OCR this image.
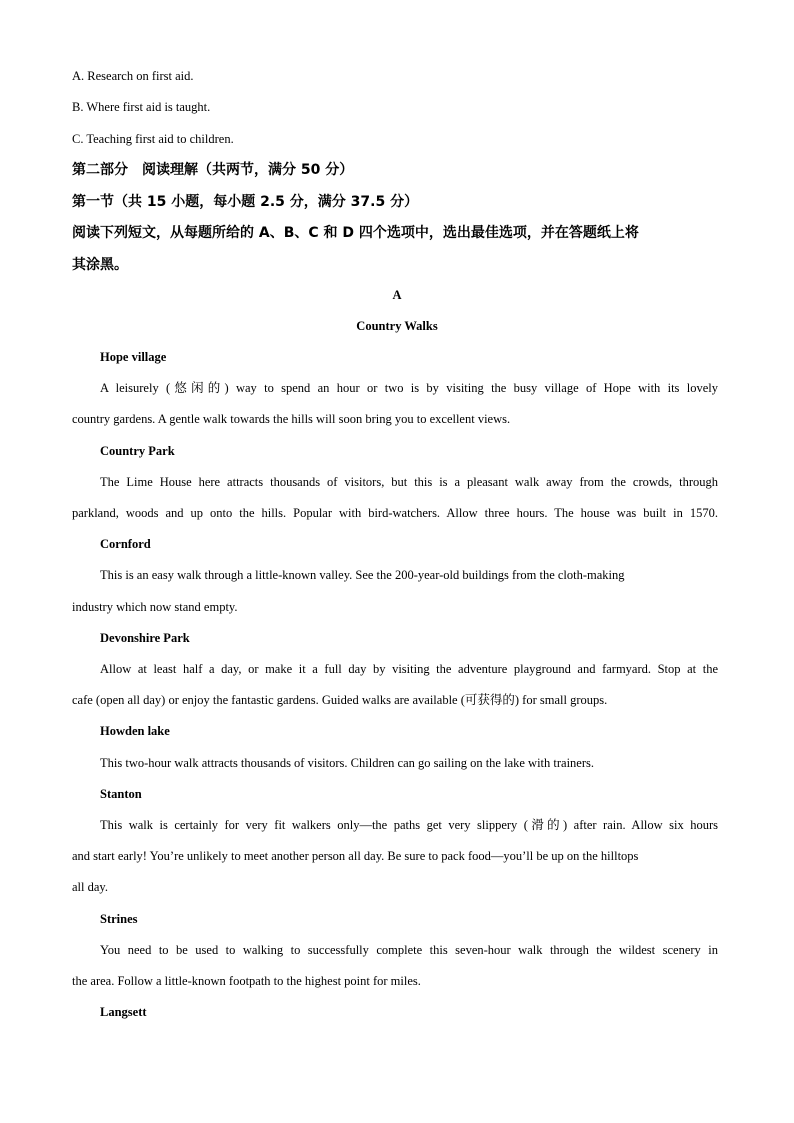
A. Research on first aid.
B. Where first aid is taught.
C. Teaching first aid to children.
第二部分　阅读理解（共两节，满分 50 分）
第一节（共 15 小题，每小题 2.5 分，满分 37.5 分）
阅读下列短文，从每题所给的 A、B、C 和 D 四个选项中，选出最佳选项，并在答题纸上将
其涂黑。
A
Country Walks
Hope village
A leisurely (悠闲的) way to spend an hour or two is by visiting the busy village of Hope with its lovely
country gardens. A gentle walk towards the hills will soon bring you to excellent views.
Country Park
The Lime House here attracts thousands of visitors, but this is a pleasant walk away from the crowds, through
parkland, woods and up onto the hills. Popular with bird-watchers. Allow three hours. The house was built in 1570.
Cornford
This is an easy walk through a little-known valley. See the 200-year-old buildings from the cloth-making
industry which now stand empty.
Devonshire Park
Allow at least half a day, or make it a full day by visiting the adventure playground and farmyard. Stop at the
cafe (open all day) or enjoy the fantastic gardens. Guided walks are available (可获得的) for small groups.
Howden lake
This two-hour walk attracts thousands of visitors. Children can go sailing on the lake with trainers.
Stanton
This walk is certainly for very fit walkers only—the paths get very slippery (滑的) after rain. Allow six hours
and start early! You’re unlikely to meet another person all day. Be sure to pack food—you’ll be up on the hilltops
all day.
Strines
You need to be used to walking to successfully complete this seven-hour walk through the wildest scenery in
the area. Follow a little-known footpath to the highest point for miles.
Langsett
